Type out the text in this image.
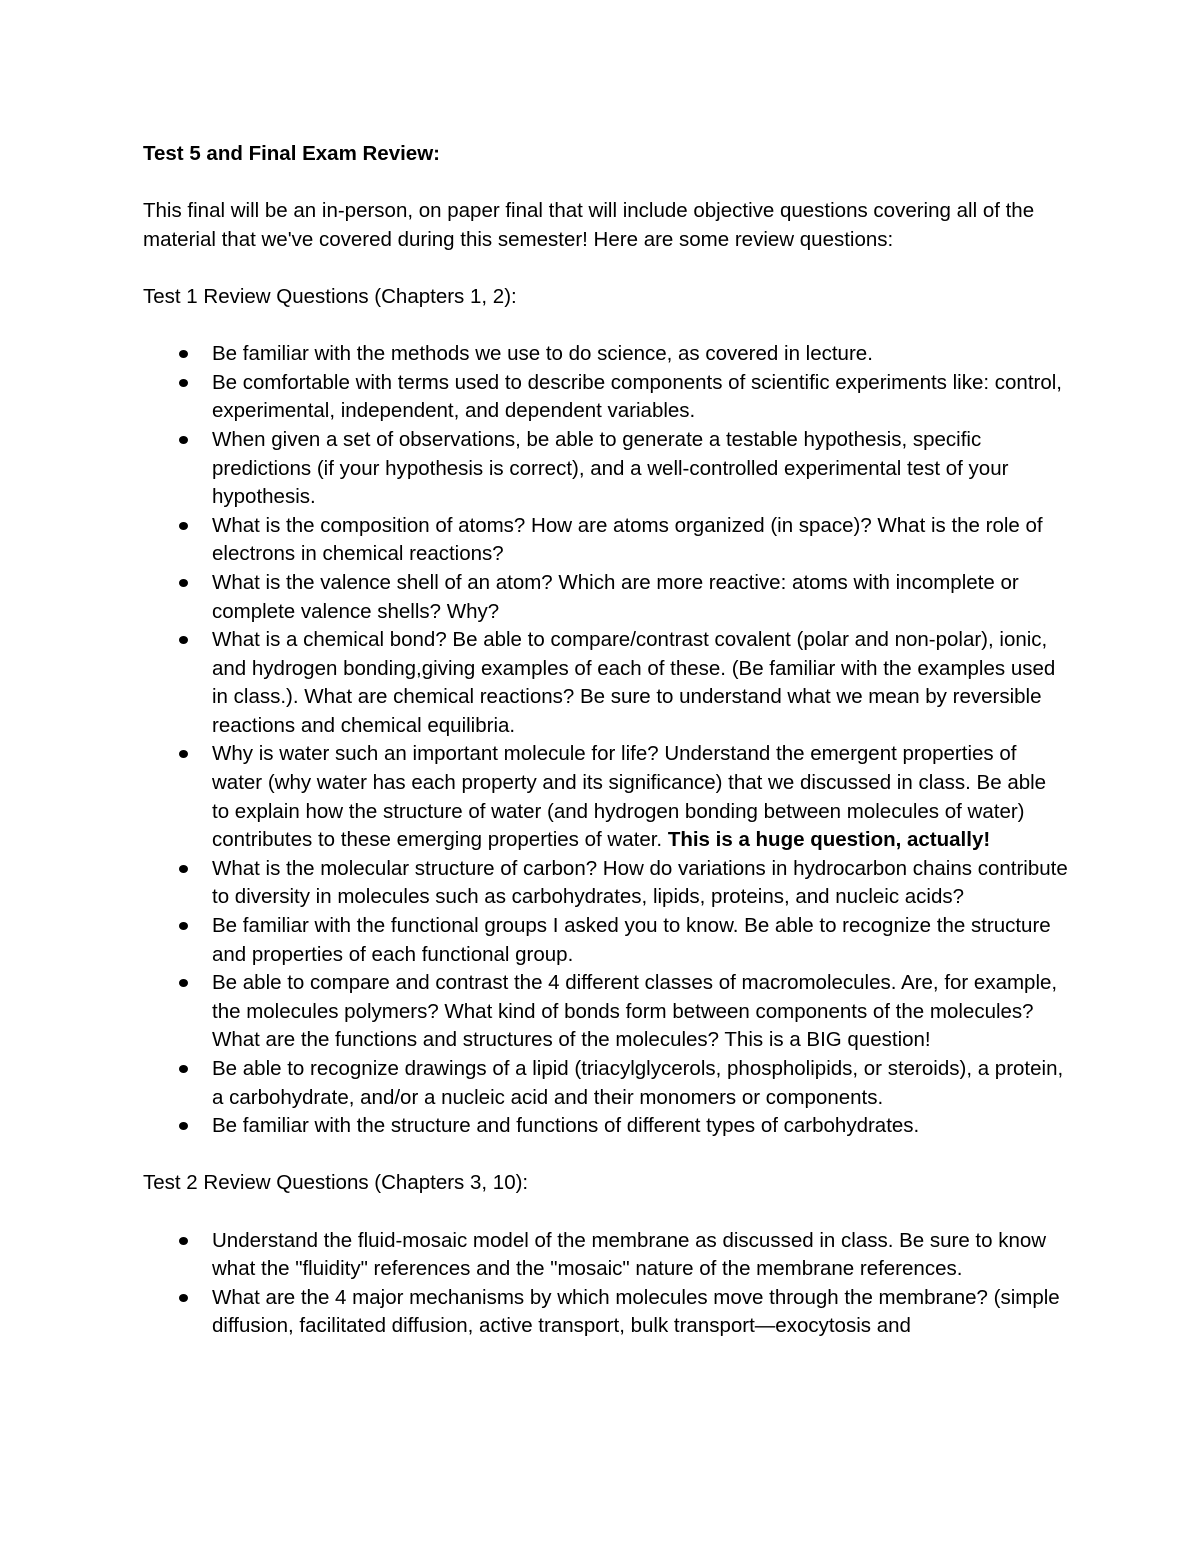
Test 5 and Final Exam Review:

This final will be an in-person, on paper final that will include objective questions covering all of the material that we've covered during this semester! Here are some review questions:

Test 1 Review Questions (Chapters 1, 2):

Be familiar with the methods we use to do science, as covered in lecture.
Be comfortable with terms used to describe components of scientific experiments like: control, experimental, independent, and dependent variables.
When given a set of observations, be able to generate a testable hypothesis, specific predictions (if your hypothesis is correct), and a well-controlled experimental test of your hypothesis.
What is the composition of atoms? How are atoms organized (in space)? What is the role of electrons in chemical reactions?
What is the valence shell of an atom? Which are more reactive: atoms with incomplete or complete valence shells? Why?
What is a chemical bond? Be able to compare/contrast covalent (polar and non-polar), ionic, and hydrogen bonding,giving examples of each of these. (Be familiar with the examples used in class.). What are chemical reactions? Be sure to understand what we mean by reversible reactions and chemical equilibria.
Why is water such an important molecule for life? Understand the emergent properties of water (why water has each property and its significance) that we discussed in class. Be able to explain how the structure of water (and hydrogen bonding between molecules of water) contributes to these emerging properties of water. This is a huge question, actually!
What is the molecular structure of carbon? How do variations in hydrocarbon chains contribute to diversity in molecules such as carbohydrates, lipids, proteins, and nucleic acids?
Be familiar with the functional groups I asked you to know. Be able to recognize the structure and properties of each functional group.
Be able to compare and contrast the 4 different classes of macromolecules. Are, for example, the molecules polymers? What kind of bonds form between components of the molecules? What are the functions and structures of the molecules? This is a BIG question!
Be able to recognize drawings of a lipid (triacylglycerols, phospholipids, or steroids), a protein, a carbohydrate, and/or a nucleic acid and their monomers or components.
Be familiar with the structure and functions of different types of carbohydrates.

Test 2 Review Questions (Chapters 3, 10):

Understand the fluid-mosaic model of the membrane as discussed in class. Be sure to know what the "fluidity" references and the "mosaic" nature of the membrane references.
What are the 4 major mechanisms by which molecules move through the membrane? (simple diffusion, facilitated diffusion, active transport, bulk transport—exocytosis and
